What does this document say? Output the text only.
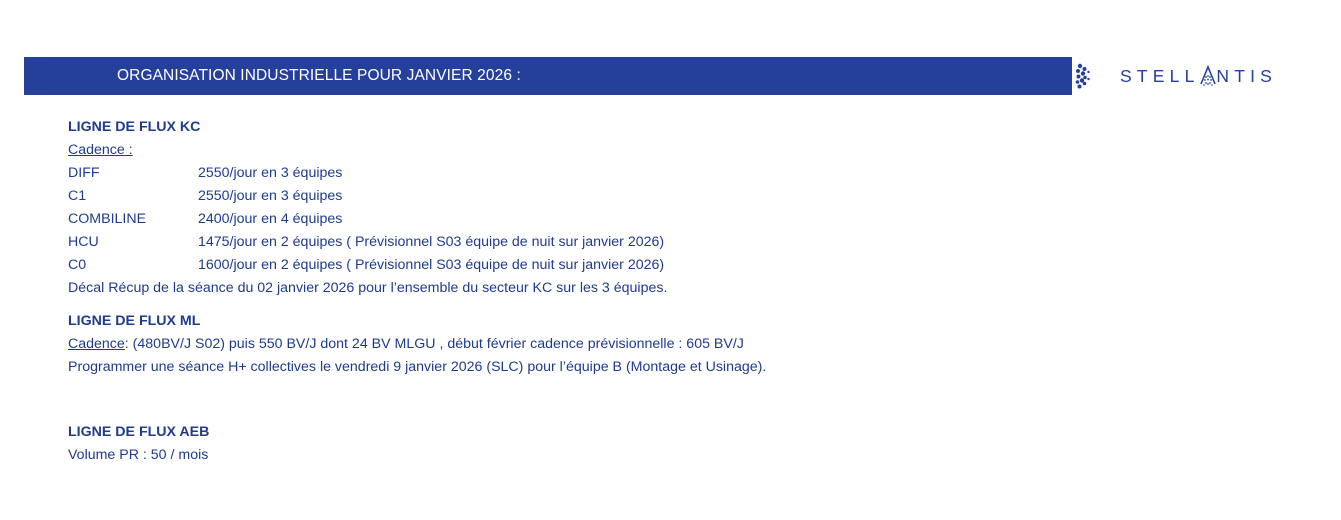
ORGANISATION INDUSTRIELLE POUR JANVIER 2026 :	STELL NTIS
LIGNE DE FLUX KC
Cadence :
DIFF	2550/jour en 3 équipes
C1	2550/jour en 3 équipes
COMBILINE	2400/jour en 4 équipes
HCU	1475/jour en 2 équipes ( Prévisionnel S03 équipe de nuit sur janvier 2026)
C0	1600/jour en 2 équipes ( Prévisionnel S03 équipe de nuit sur janvier 2026)
Décal Récup de la séance du 02 janvier 2026 pour l’ensemble du secteur KC sur les 3 équipes.
LIGNE DE FLUX ML
Cadence: (480BV/J S02) puis 550 BV/J dont 24 BV MLGU , début février cadence prévisionnelle : 605 BV/J
Programmer une séance H+ collectives le vendredi 9 janvier 2026 (SLC) pour l’équipe B (Montage et Usinage).
LIGNE DE FLUX AEB
Volume PR : 50 / mois
